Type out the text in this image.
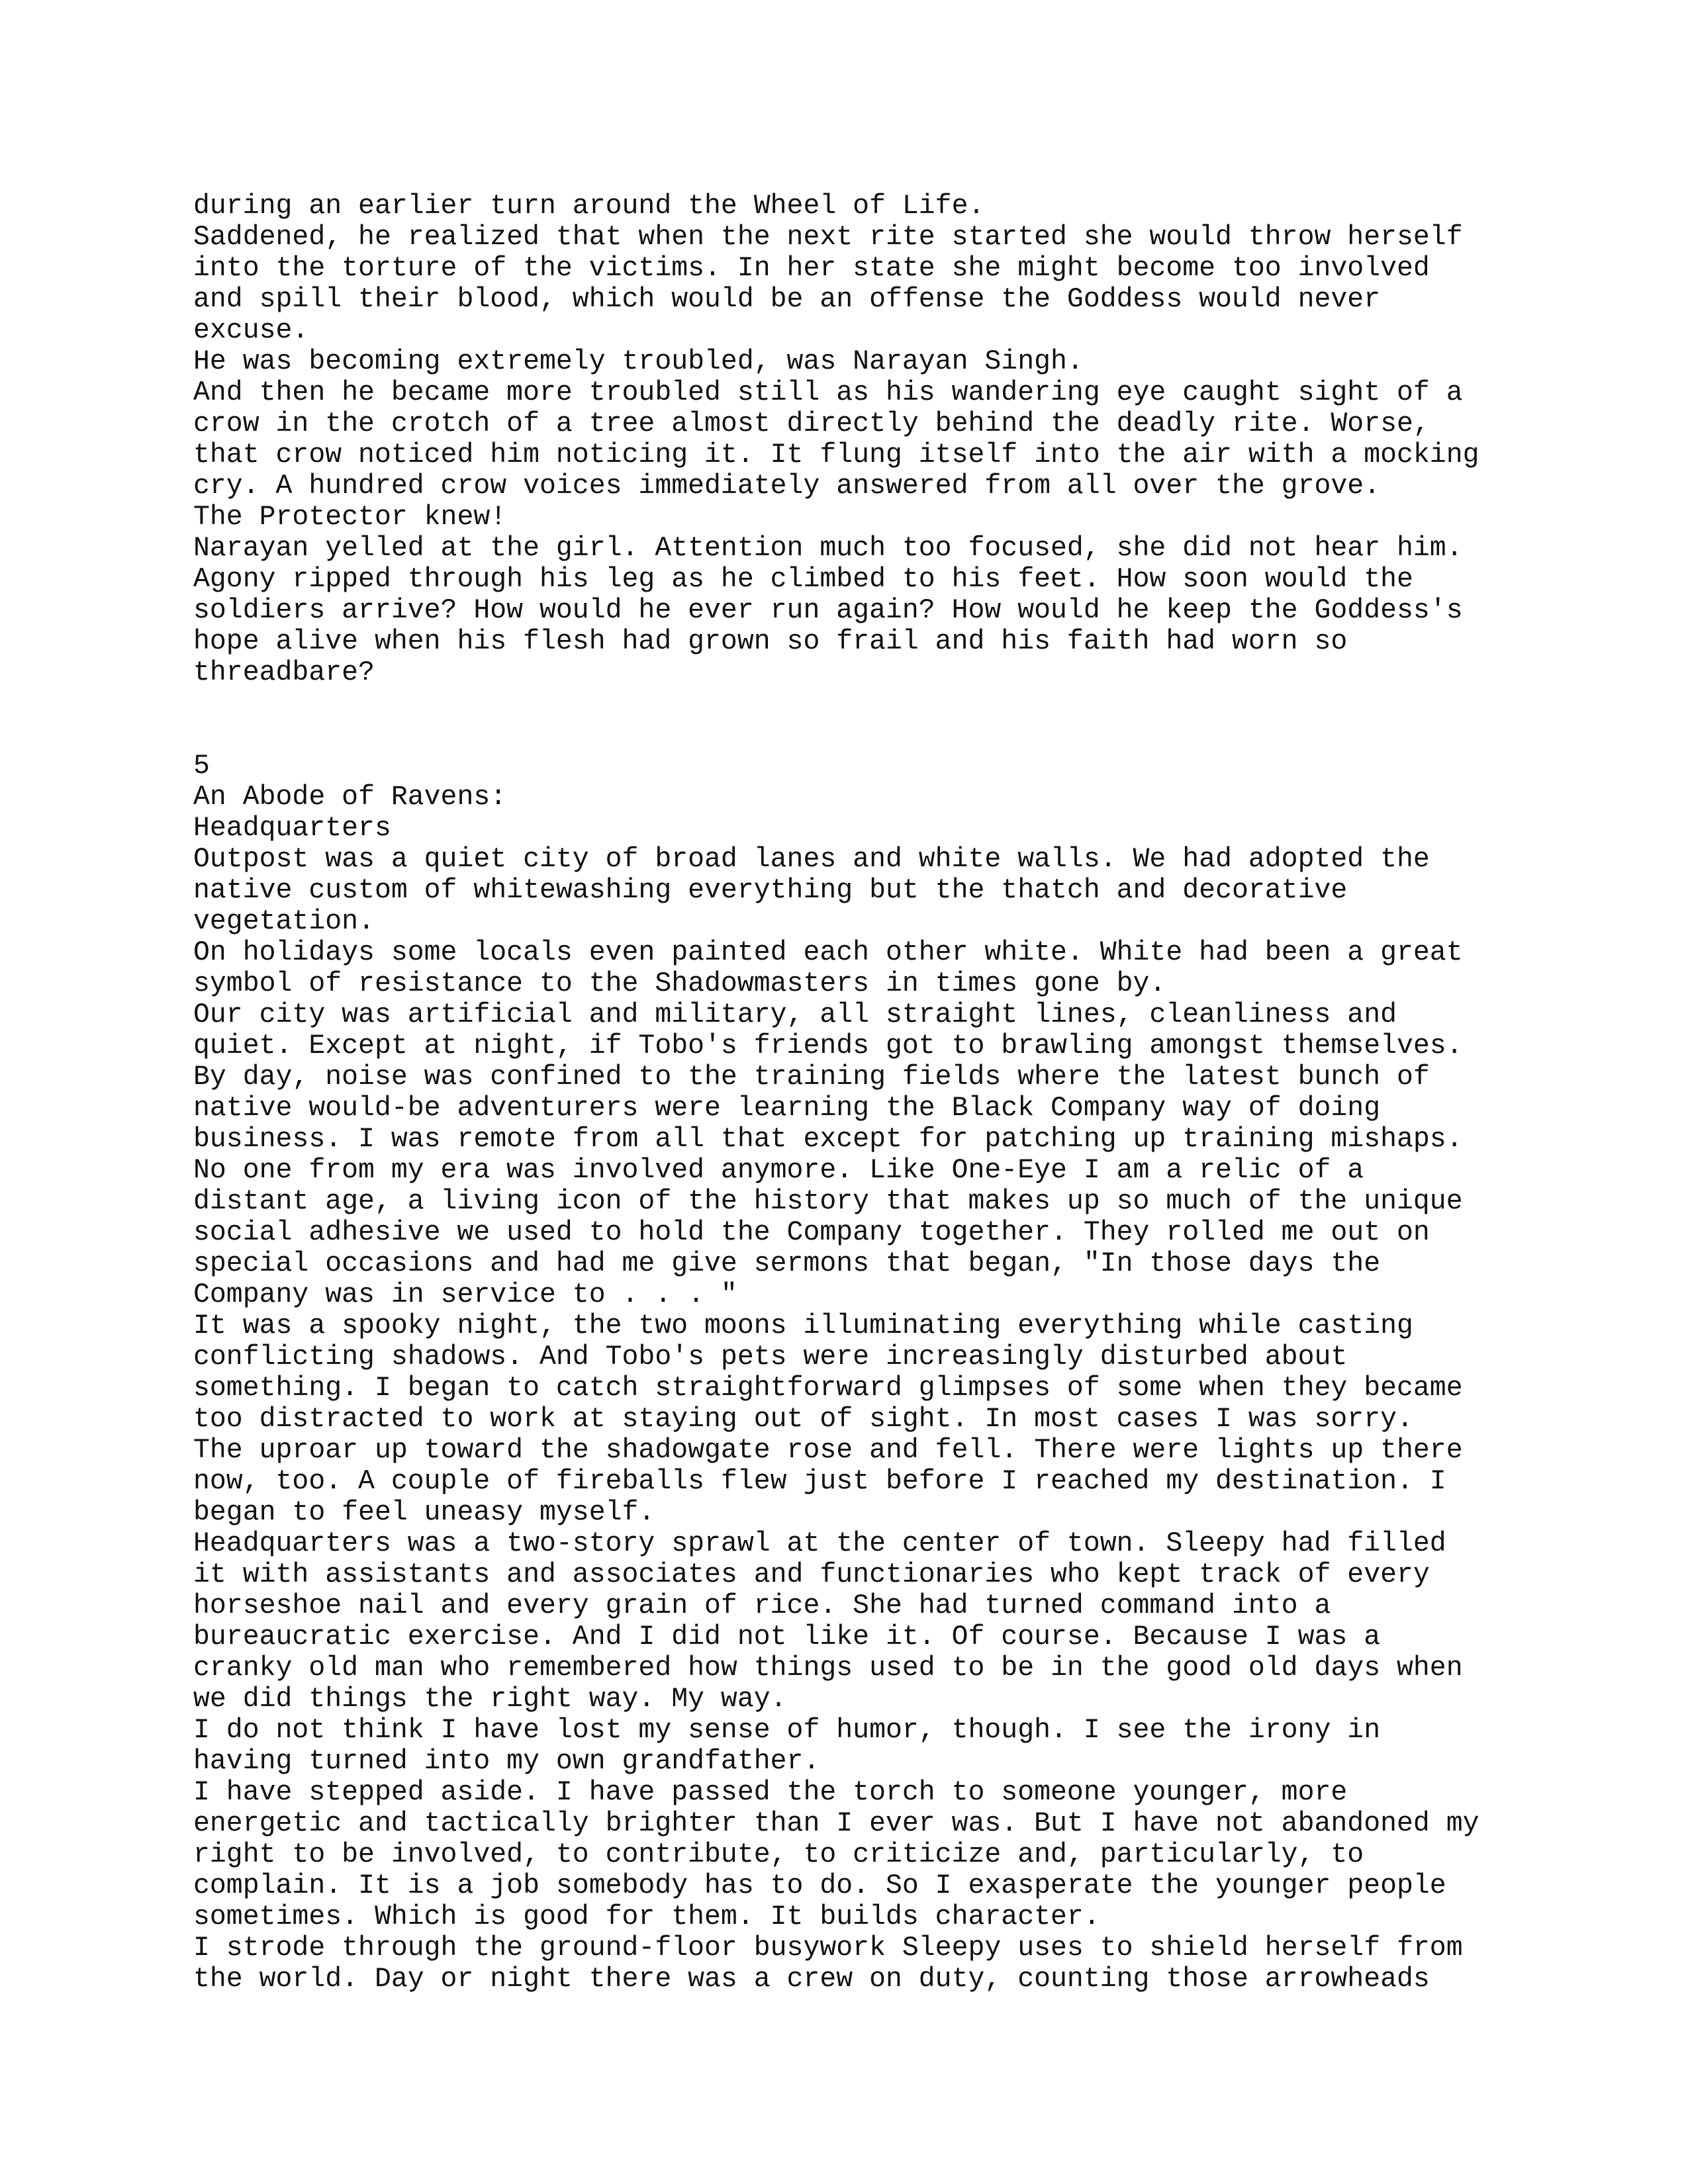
during an earlier turn around the Wheel of Life.
Saddened, he realized that when the next rite started she would throw herself
into the torture of the victims. In her state she might become too involved
and spill their blood, which would be an offense the Goddess would never
excuse.
He was becoming extremely troubled, was Narayan Singh.
And then he became more troubled still as his wandering eye caught sight of a
crow in the crotch of a tree almost directly behind the deadly rite. Worse,
that crow noticed him noticing it. It flung itself into the air with a mocking
cry. A hundred crow voices immediately answered from all over the grove.
The Protector knew!
Narayan yelled at the girl. Attention much too focused, she did not hear him.
Agony ripped through his leg as he climbed to his feet. How soon would the
soldiers arrive? How would he ever run again? How would he keep the Goddess's
hope alive when his flesh had grown so frail and his faith had worn so
threadbare?
5
An Abode of Ravens:
Headquarters
Outpost was a quiet city of broad lanes and white walls. We had adopted the
native custom of whitewashing everything but the thatch and decorative
vegetation.
On holidays some locals even painted each other white. White had been a great
symbol of resistance to the Shadowmasters in times gone by.
Our city was artificial and military, all straight lines, cleanliness and
quiet. Except at night, if Tobo's friends got to brawling amongst themselves.
By day, noise was confined to the training fields where the latest bunch of
native would-be adventurers were learning the Black Company way of doing
business. I was remote from all that except for patching up training mishaps.
No one from my era was involved anymore. Like One-Eye I am a relic of a
distant age, a living icon of the history that makes up so much of the unique
social adhesive we used to hold the Company together. They rolled me out on
special occasions and had me give sermons that began, "In those days the
Company was in service to . . . "
It was a spooky night, the two moons illuminating everything while casting
conflicting shadows. And Tobo's pets were increasingly disturbed about
something. I began to catch straightforward glimpses of some when they became
too distracted to work at staying out of sight. In most cases I was sorry.
The uproar up toward the shadowgate rose and fell. There were lights up there
now, too. A couple of fireballs flew just before I reached my destination. I
began to feel uneasy myself.
Headquarters was a two-story sprawl at the center of town. Sleepy had filled
it with assistants and associates and functionaries who kept track of every
horseshoe nail and every grain of rice. She had turned command into a
bureaucratic exercise. And I did not like it. Of course. Because I was a
cranky old man who remembered how things used to be in the good old days when
we did things the right way. My way.
I do not think I have lost my sense of humor, though. I see the irony in
having turned into my own grandfather.
I have stepped aside. I have passed the torch to someone younger, more
energetic and tactically brighter than I ever was. But I have not abandoned my
right to be involved, to contribute, to criticize and, particularly, to
complain. It is a job somebody has to do. So I exasperate the younger people
sometimes. Which is good for them. It builds character.
I strode through the ground-floor busywork Sleepy uses to shield herself from
the world. Day or night there was a crew on duty, counting those arrowheads
